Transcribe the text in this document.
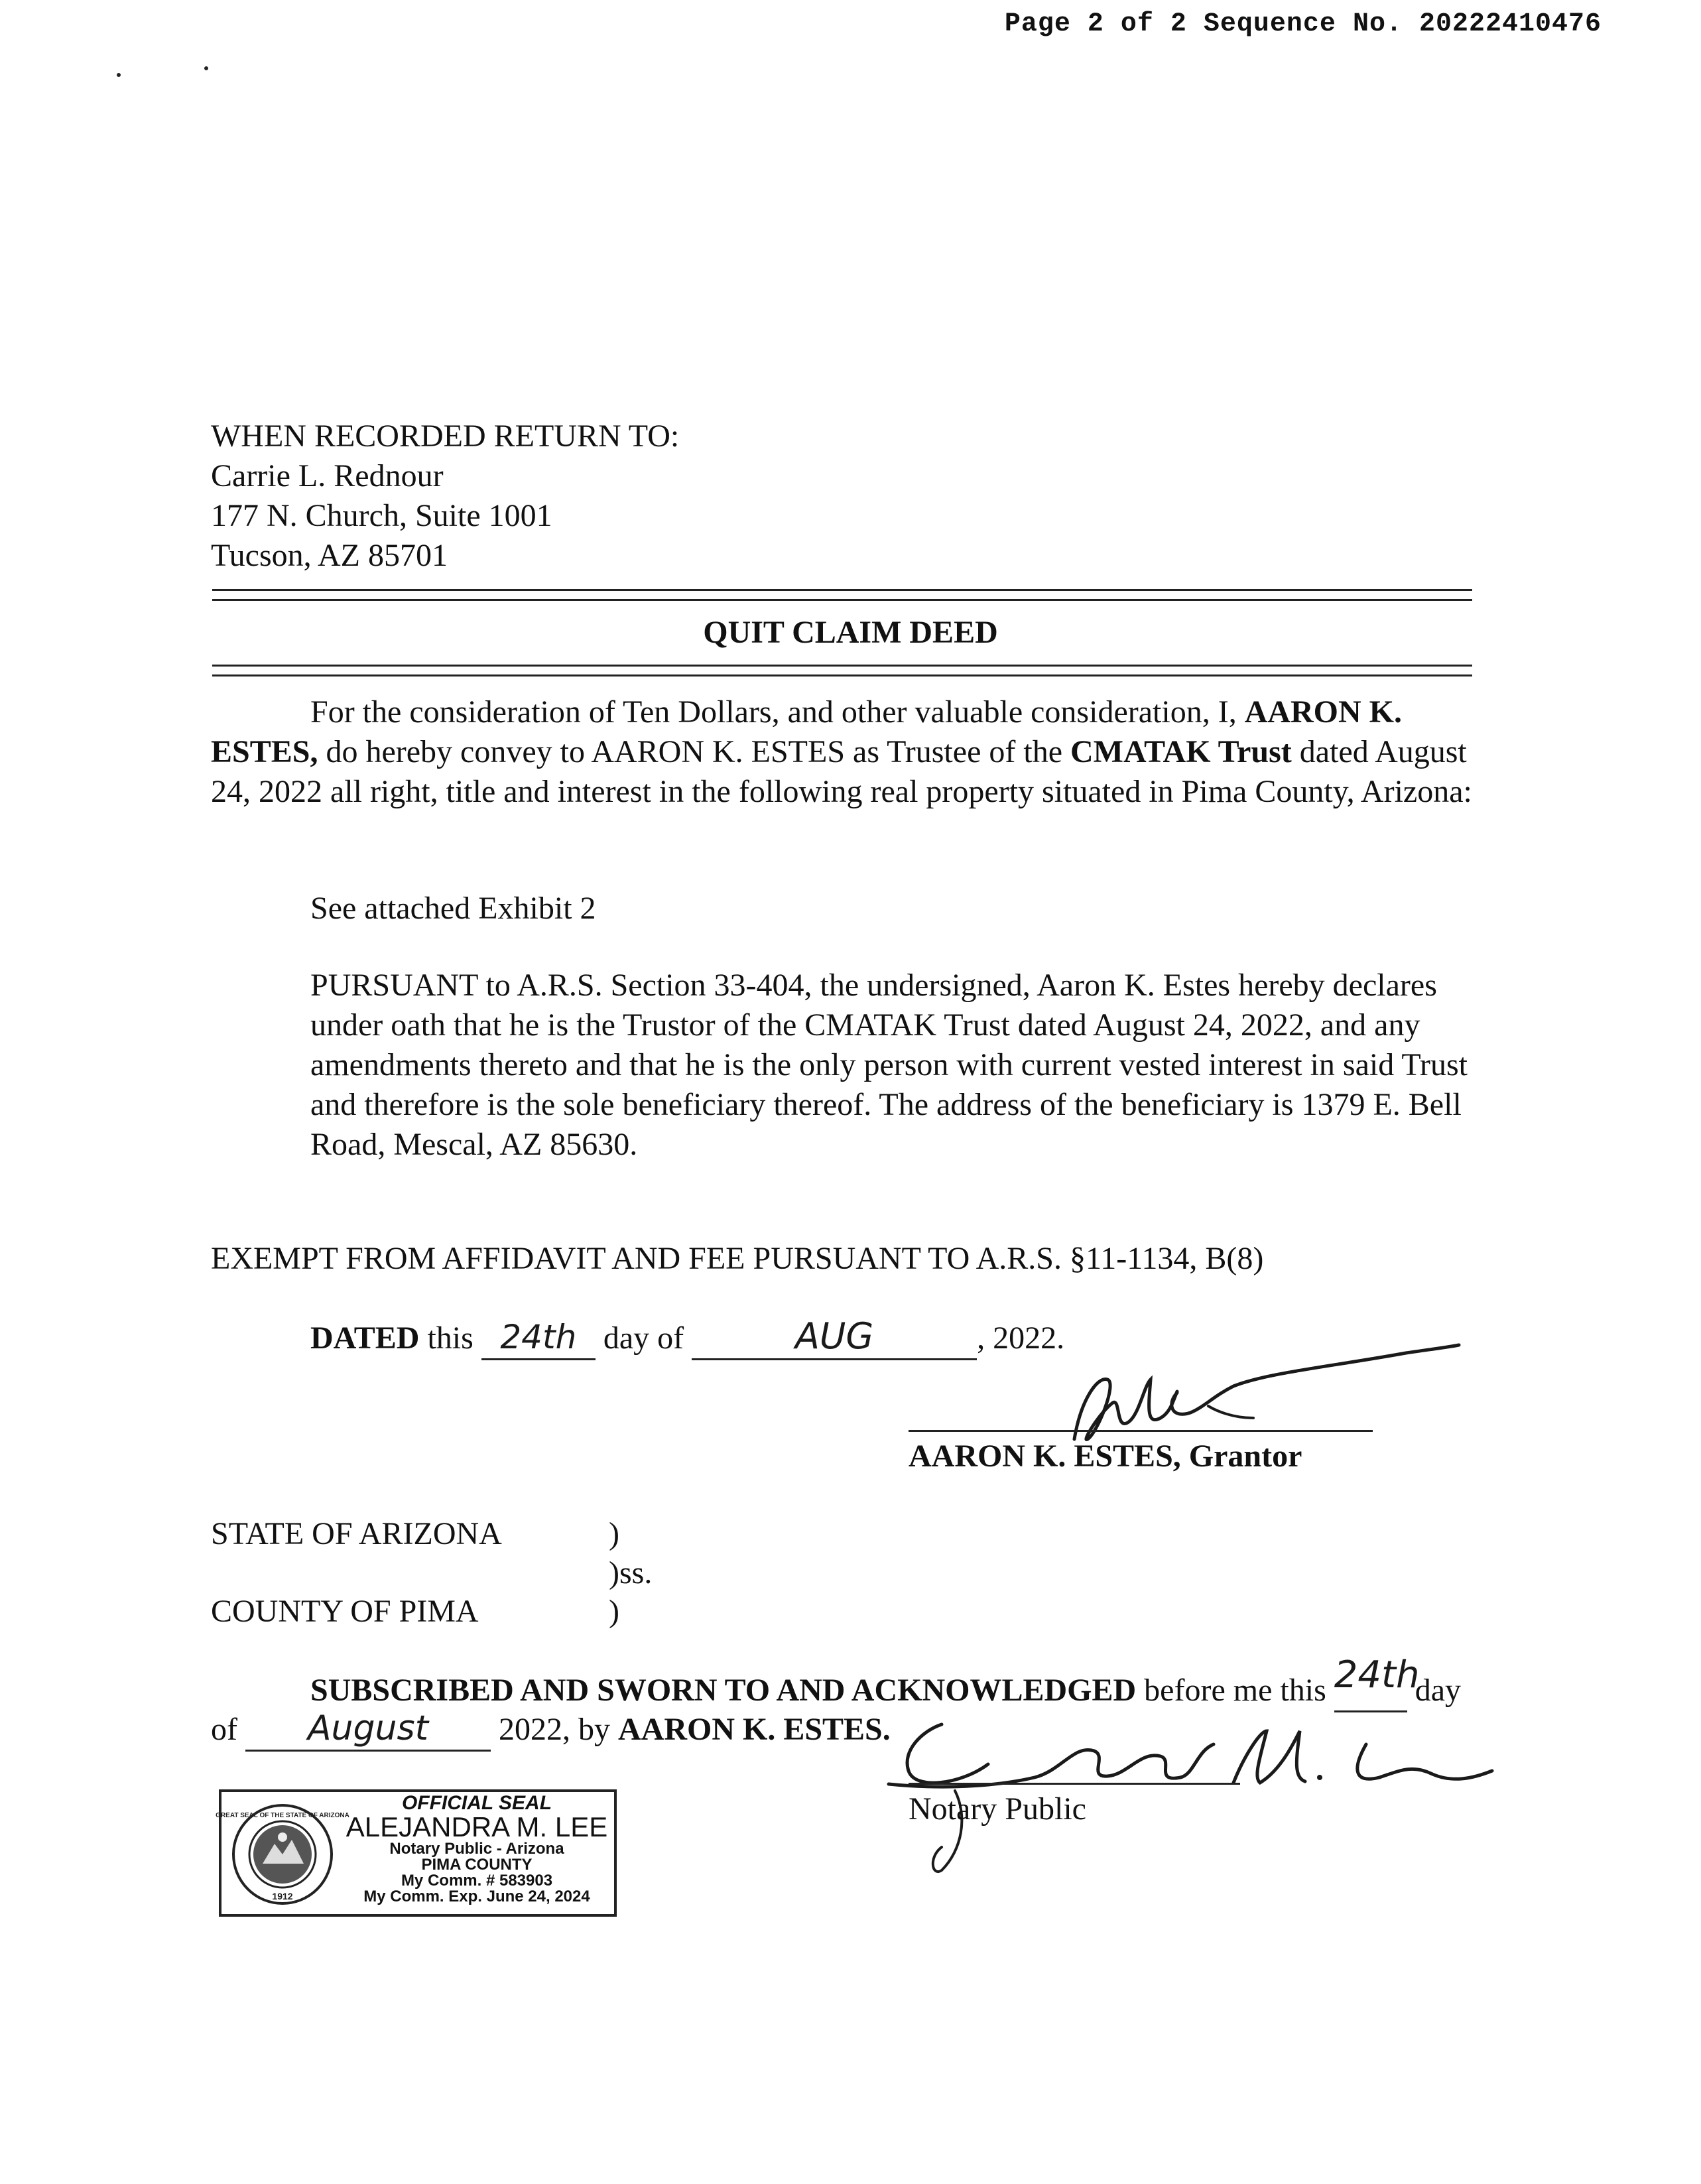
Page 2 of 2 Sequence No. 20222410476
WHEN RECORDED RETURN TO:
Carrie L. Rednour
177 N. Church, Suite 1001
Tucson, AZ 85701
QUIT CLAIM DEED
For the consideration of Ten Dollars, and other valuable consideration, I, AARON K. ESTES, do hereby convey to AARON K. ESTES as Trustee of the CMATAK Trust dated August 24, 2022 all right, title and interest in the following real property situated in Pima County, Arizona:
See attached Exhibit 2
PURSUANT to A.R.S. Section 33-404, the undersigned, Aaron K. Estes hereby declares under oath that he is the Trustor of the CMATAK Trust dated August 24, 2022, and any amendments thereto and that he is the only person with current vested interest in said Trust and therefore is the sole beneficiary thereof. The address of the beneficiary is 1379 E. Bell Road, Mescal, AZ 85630.
EXEMPT FROM AFFIDAVIT AND FEE PURSUANT TO A.R.S. §11-1134, B(8)
DATED this 24th day of	AUG	, 2022.
AARON K. ESTES, Grantor
STATE OF ARIZONA
COUNTY OF PIMA
)
)ss.
)
SUBSCRIBED AND SWORN TO AND ACKNOWLEDGED before me this 24th day
of August 2022, by AARON K. ESTES.
Notary Public
1912
GREAT SEAL OF THE STATE OF ARIZONA
OFFICIAL SEAL
ALEJANDRA M. LEE
Notary Public - Arizona
PIMA COUNTY
My Comm. # 583903
My Comm. Exp. June 24, 2024
